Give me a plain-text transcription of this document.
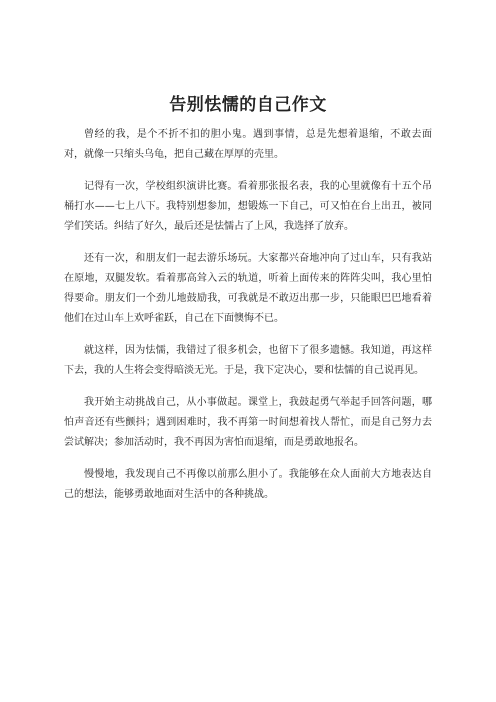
告别怯懦的自己作文

曾经的我，是个不折不扣的胆小鬼。遇到事情，总是先想着退缩，不敢去面对，就像一只缩头乌龟，把自己藏在厚厚的壳里。

记得有一次，学校组织演讲比赛。看着那张报名表，我的心里就像有十五个吊桶打水——七上八下。我特别想参加，想锻炼一下自己，可又怕在台上出丑，被同学们笑话。纠结了好久，最后还是怯懦占了上风，我选择了放弃。

还有一次，和朋友们一起去游乐场玩。大家都兴奋地冲向了过山车，只有我站在原地，双腿发软。看着那高耸入云的轨道，听着上面传来的阵阵尖叫，我心里怕得要命。朋友们一个劲儿地鼓励我，可我就是不敢迈出那一步，只能眼巴巴地看着他们在过山车上欢呼雀跃，自己在下面懊悔不已。

就这样，因为怯懦，我错过了很多机会，也留下了很多遗憾。我知道，再这样下去，我的人生将会变得暗淡无光。于是，我下定决心，要和怯懦的自己说再见。

我开始主动挑战自己，从小事做起。课堂上，我鼓起勇气举起手回答问题，哪怕声音还有些颤抖；遇到困难时，我不再第一时间想着找人帮忙，而是自己努力去尝试解决；参加活动时，我不再因为害怕而退缩，而是勇敢地报名。

慢慢地，我发现自己不再像以前那么胆小了。我能够在众人面前大方地表达自己的想法，能够勇敢地面对生活中的各种挑战。
